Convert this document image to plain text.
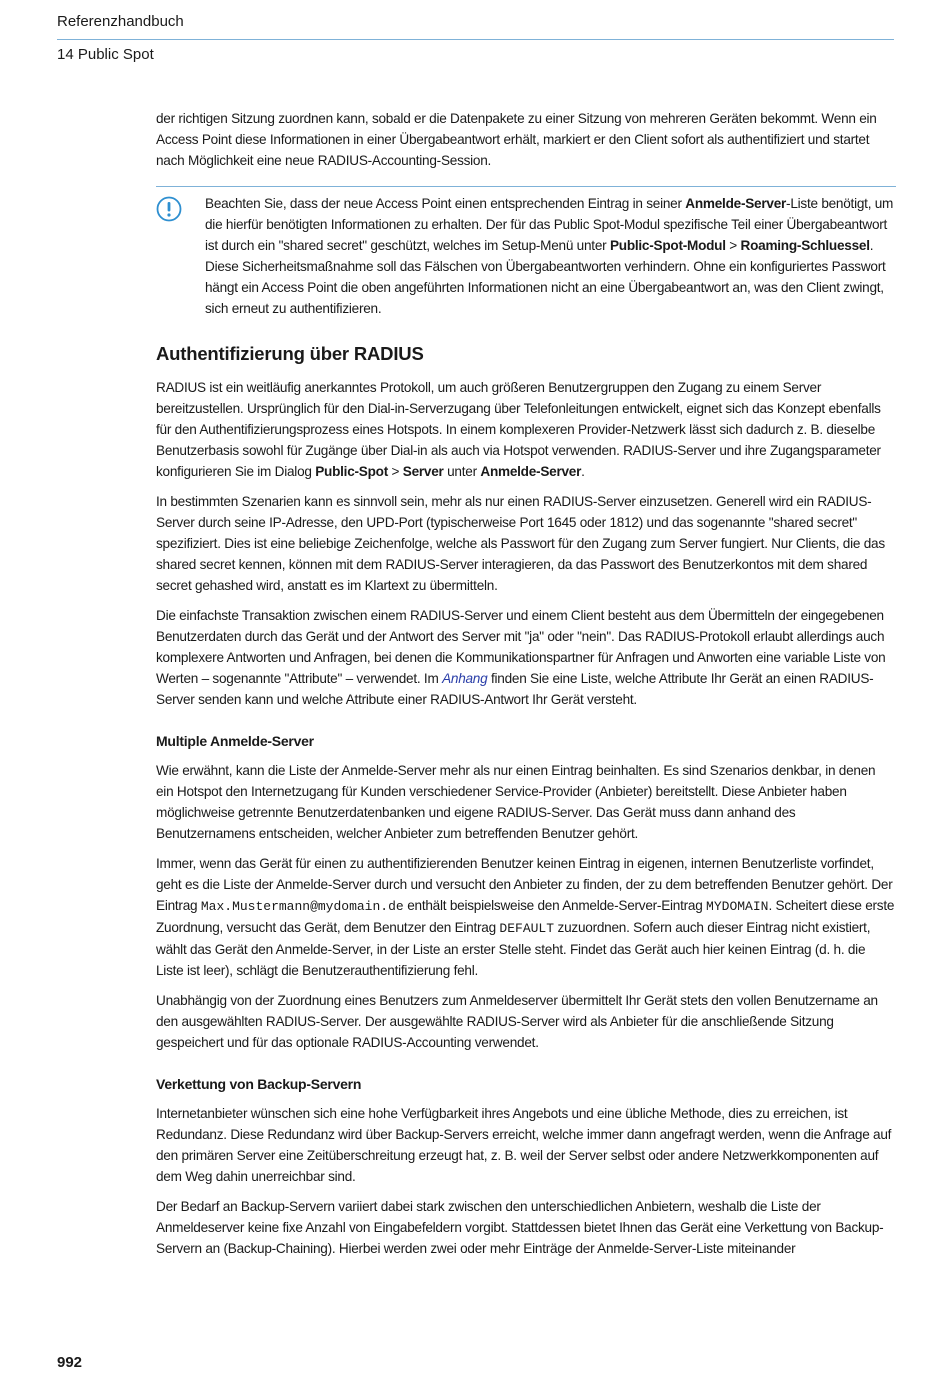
Referenzhandbuch
14 Public Spot

der richtigen Sitzung zuordnen kann, sobald er die Datenpakete zu einer Sitzung von mehreren Geräten bekommt. Wenn ein Access Point diese Informationen in einer Übergabeantwort erhält, markiert er den Client sofort als authentifiziert und startet nach Möglichkeit eine neue RADIUS-Accounting-Session.

Beachten Sie, dass der neue Access Point einen entsprechenden Eintrag in seiner Anmelde-Server-Liste benötigt, um die hierfür benötigten Informationen zu erhalten. Der für das Public Spot-Modul spezifische Teil einer Übergabeantwort ist durch ein "shared secret" geschützt, welches im Setup-Menü unter Public-Spot-Modul > Roaming-Schluessel. Diese Sicherheitsmaßnahme soll das Fälschen von Übergabeantworten verhindern. Ohne ein konfiguriertes Passwort hängt ein Access Point die oben angeführten Informationen nicht an eine Übergabeantwort an, was den Client zwingt, sich erneut zu authentifizieren.
Authentifizierung über RADIUS

RADIUS ist ein weitläufig anerkanntes Protokoll, um auch größeren Benutzergruppen den Zugang zu einem Server bereitzustellen. Ursprünglich für den Dial-in-Serverzugang über Telefonleitungen entwickelt, eignet sich das Konzept ebenfalls für den Authentifizierungsprozess eines Hotspots. In einem komplexeren Provider-Netzwerk lässt sich dadurch z. B. dieselbe Benutzerbasis sowohl für Zugänge über Dial-in als auch via Hotspot verwenden. RADIUS-Server und ihre Zugangsparameter konfigurieren Sie im Dialog Public-Spot > Server unter Anmelde-Server.

In bestimmten Szenarien kann es sinnvoll sein, mehr als nur einen RADIUS-Server einzusetzen. Generell wird ein RADIUS-Server durch seine IP-Adresse, den UPD-Port (typischerweise Port 1645 oder 1812) und das sogenannte "shared secret" spezifiziert. Dies ist eine beliebige Zeichenfolge, welche als Passwort für den Zugang zum Server fungiert. Nur Clients, die das shared secret kennen, können mit dem RADIUS-Server interagieren, da das Passwort des Benutzerkontos mit dem shared secret gehashed wird, anstatt es im Klartext zu übermitteln.

Die einfachste Transaktion zwischen einem RADIUS-Server und einem Client besteht aus dem Übermitteln der eingegebenen Benutzerdaten durch das Gerät und der Antwort des Server mit "ja" oder "nein". Das RADIUS-Protokoll erlaubt allerdings auch komplexere Antworten und Anfragen, bei denen die Kommunikationspartner für Anfragen und Anworten eine variable Liste von Werten – sogenannte "Attribute" – verwendet. Im Anhang finden Sie eine Liste, welche Attribute Ihr Gerät an einen RADIUS-Server senden kann und welche Attribute einer RADIUS-Antwort Ihr Gerät versteht.

Multiple Anmelde-Server

Wie erwähnt, kann die Liste der Anmelde-Server mehr als nur einen Eintrag beinhalten. Es sind Szenarios denkbar, in denen ein Hotspot den Internetzugang für Kunden verschiedener Service-Provider (Anbieter) bereitstellt. Diese Anbieter haben möglichweise getrennte Benutzerdatenbanken und eigene RADIUS-Server. Das Gerät muss dann anhand des Benutzernamens entscheiden, welcher Anbieter zum betreffenden Benutzer gehört.

Immer, wenn das Gerät für einen zu authentifizierenden Benutzer keinen Eintrag in eigenen, internen Benutzerliste vorfindet, geht es die Liste der Anmelde-Server durch und versucht den Anbieter zu finden, der zu dem betreffenden Benutzer gehört. Der Eintrag Max.Mustermann@mydomain.de enthält beispielsweise den Anmelde-Server-Eintrag MYDOMAIN. Scheitert diese erste Zuordnung, versucht das Gerät, dem Benutzer den Eintrag DEFAULT zuzuordnen. Sofern auch dieser Eintrag nicht existiert, wählt das Gerät den Anmelde-Server, in der Liste an erster Stelle steht. Findet das Gerät auch hier keinen Eintrag (d. h. die Liste ist leer), schlägt die Benutzerauthentifizierung fehl.

Unabhängig von der Zuordnung eines Benutzers zum Anmeldeserver übermittelt Ihr Gerät stets den vollen Benutzername an den ausgewählten RADIUS-Server. Der ausgewählte RADIUS-Server wird als Anbieter für die anschließende Sitzung gespeichert und für das optionale RADIUS-Accounting verwendet.

Verkettung von Backup-Servern

Internetanbieter wünschen sich eine hohe Verfügbarkeit ihres Angebots und eine übliche Methode, dies zu erreichen, ist Redundanz. Diese Redundanz wird über Backup-Servers erreicht, welche immer dann angefragt werden, wenn die Anfrage auf den primären Server eine Zeitüberschreitung erzeugt hat, z. B. weil der Server selbst oder andere Netzwerkkomponenten auf dem Weg dahin unerreichbar sind.

Der Bedarf an Backup-Servern variiert dabei stark zwischen den unterschiedlichen Anbietern, weshalb die Liste der Anmeldeserver keine fixe Anzahl von Eingabefeldern vorgibt. Stattdessen bietet Ihnen das Gerät eine Verkettung von Backup-Servern an (Backup-Chaining). Hierbei werden zwei oder mehr Einträge der Anmelde-Server-Liste miteinander

992
